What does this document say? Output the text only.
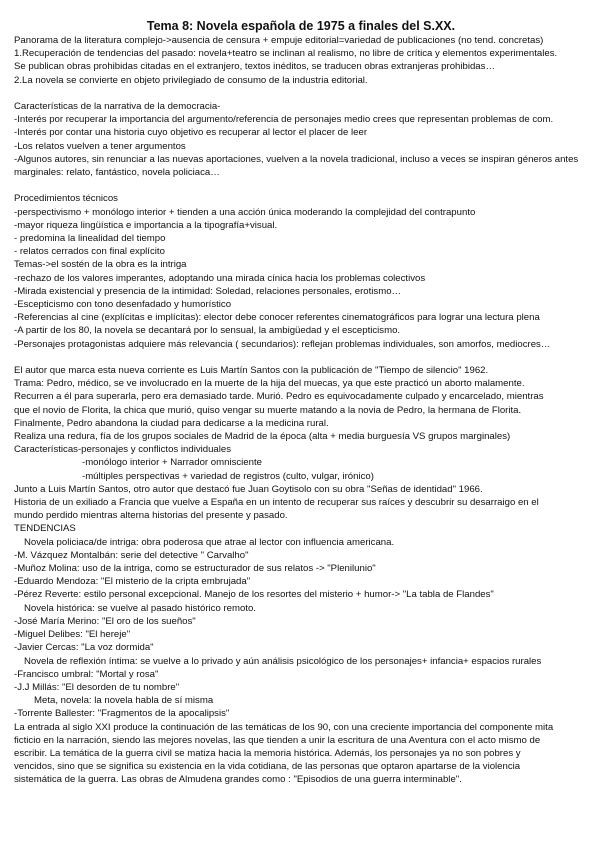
Tema 8: Novela española de 1975 a finales del S.XX.
Panorama de la literatura complejo->ausencia de censura + empuje editorial=variedad de publicaciones (no tend. concretas)
1.Recuperación de tendencias del pasado: novela+teatro se inclinan al realismo, no libre de crítica y elementos experimentales.
Se publican obras prohibidas citadas en el extranjero, textos inéditos, se traducen obras extranjeras prohibidas…
2.La novela se convierte en objeto privilegiado de consumo de la industria editorial.
Características de la narrativa de la democracia-
-Interés por recuperar la importancia del argumento/referencia de personajes medio crees que representan problemas de com.
-Interés por contar una historia cuyo objetivo es recuperar al lector el placer de leer
-Los relatos vuelven a tener argumentos
-Algunos autores, sin renunciar a las nuevas aportaciones, vuelven a la novela tradicional, incluso a veces se inspiran géneros antes marginales: relato, fantástico, novela policiaca…
Procedimientos técnicos
-perspectivismo + monólogo interior + tienden a una acción única moderando la complejidad del contrapunto
-mayor riqueza lingüística e importancia a la tipografía+visual.
- predomina la linealidad del tiempo
- relatos cerrados con final explícito
Temas->el sostén de la obra es la intriga
-rechazo de los valores imperantes, adoptando una mirada cínica hacia los problemas colectivos
-Mirada existencial y presencia de la intimidad: Soledad, relaciones personales, erotismo…
-Escepticismo con tono desenfadado y humorístico
-Referencias al cine (explícitas e implícitas): elector debe conocer referentes cinematográficos para lograr una lectura plena
-A partir de los 80, la novela se decantará por lo sensual, la ambigüedad y el escepticismo.
-Personajes protagonistas adquiere más relevancia ( secundarios): reflejan problemas individuales, son amorfos, mediocres…
El autor que marca esta nueva corriente es Luis Martín Santos con la publicación de "Tiempo de silencio" 1962.
Trama: Pedro, médico, se ve involucrado en la muerte de la hija del muecas, ya que este practicó un aborto malamente.
Recurren a él para superarla, pero era demasiado tarde. Murió. Pedro es equivocadamente culpado y encarcelado, mientras
que el novio de Florita, la chica que murió, quiso vengar su muerte matando a la novia de Pedro, la hermana de Florita.
Finalmente, Pedro abandona la ciudad para dedicarse a la medicina rural.
Realiza una redura, fía de los grupos sociales de Madrid de la época (alta + media burguesía VS grupos marginales)
Características-personajes y conflictos individuales
-monólogo interior + Narrador omnisciente
-múltiples perspectivas + variedad de registros (culto, vulgar, irónico)
Junto a Luis Martín Santos, otro autor que destacó fue Juan Goytisolo con su obra "Señas de identidad" 1966.
Historia de un exiliado a Francia que vuelve a España en un intento de recuperar sus raíces y descubrir su desarraigo en el
mundo perdido mientras alterna historias del presente y pasado.
TENDENCIAS
Novela policiaca/de intriga: obra poderosa que atrae al lector con influencia americana.
-M. Vázquez Montalbán: serie del detective " Carvalho"
-Muñoz Molina: uso de la intriga, como se estructurador de sus relatos -> "Plenilunio"
-Eduardo Mendoza: "El misterio de la cripta embrujada"
-Pérez Reverte: estilo personal excepcional. Manejo de los resortes del misterio + humor-> "La tabla de Flandes"
Novela histórica: se vuelve al pasado histórico remoto.
-José María Merino: "El oro de los sueños"
-Miguel Delibes: "El hereje"
-Javier Cercas: "La voz dormida"
Novela de reflexión íntima: se vuelve a lo privado y aún análisis psicológico de los personajes+ infancia+ espacios rurales
-Francisco umbral: "Mortal y rosa"
-J.J Millás: "El desorden de tu nombre"
Meta, novela: la novela habla de sí misma
-Torrente Ballester: "Fragmentos de la apocalipsis"
La entrada al siglo XXI produce la continuación de las temáticas de los 90, con una creciente importancia del componente mita
ficticio en la narración, siendo las mejores novelas, las que tienden a unir la escritura de una Aventura con el acto mismo de
escribir. La temática de la guerra civil se matiza hacia la memoria histórica. Además, los personajes ya no son pobres y
vencidos, sino que se significa su existencia en la vida cotidiana, de las personas que optaron apartarse de la violencia
sistemática de la guerra. Las obras de Almudena grandes como : "Episodios de una guerra interminable".
